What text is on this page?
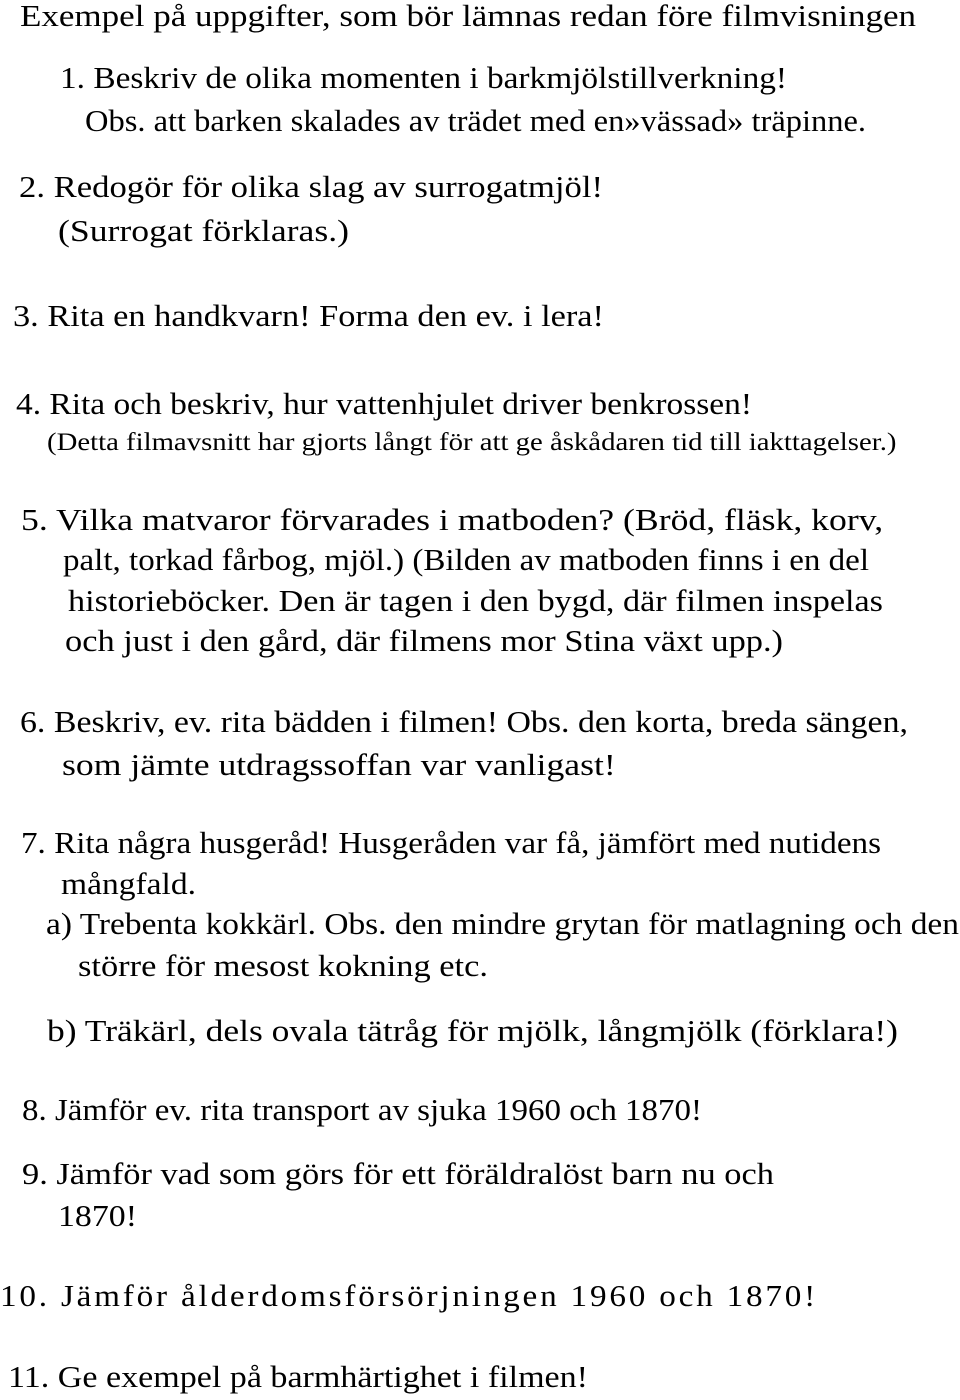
Exempel på uppgifter, som bör lämnas redan före filmvisningen
1. Beskriv de olika momenten i barkmjölstillverkning!
Obs. att barken skalades av trädet med en»vässad» träpinne.
2. Redogör för olika slag av surrogatmjöl!
(Surrogat förklaras.)
3. Rita en handkvarn! Forma den ev. i lera!
4. Rita och beskriv, hur vattenhjulet driver benkrossen!
(Detta filmavsnitt har gjorts långt för att ge åskådaren tid till iakttagelser.)
5. Vilka matvaror förvarades i matboden? (Bröd, fläsk, korv,
palt, torkad fårbog, mjöl.) (Bilden av matboden finns i en del
historieböcker. Den är tagen i den bygd, där filmen inspelas
och just i den gård, där filmens mor Stina växt upp.)
6. Beskriv, ev. rita bädden i filmen! Obs. den korta, breda sängen,
som jämte utdragssoffan var vanligast!
7. Rita några husgeråd! Husgeråden var få, jämfört med nutidens
mångfald.
a) Trebenta kokkärl. Obs. den mindre grytan för matlagning och den
större för mesost kokning etc.
b) Träkärl, dels ovala tätråg för mjölk, långmjölk (förklara!)
8. Jämför ev. rita transport av sjuka 1960 och 1870!
9. Jämför vad som görs för ett föräldralöst barn nu och
1870!
10. Jämför ålderdomsförsörjningen 1960 och 1870!
11. Ge exempel på barmhärtighet i filmen!
